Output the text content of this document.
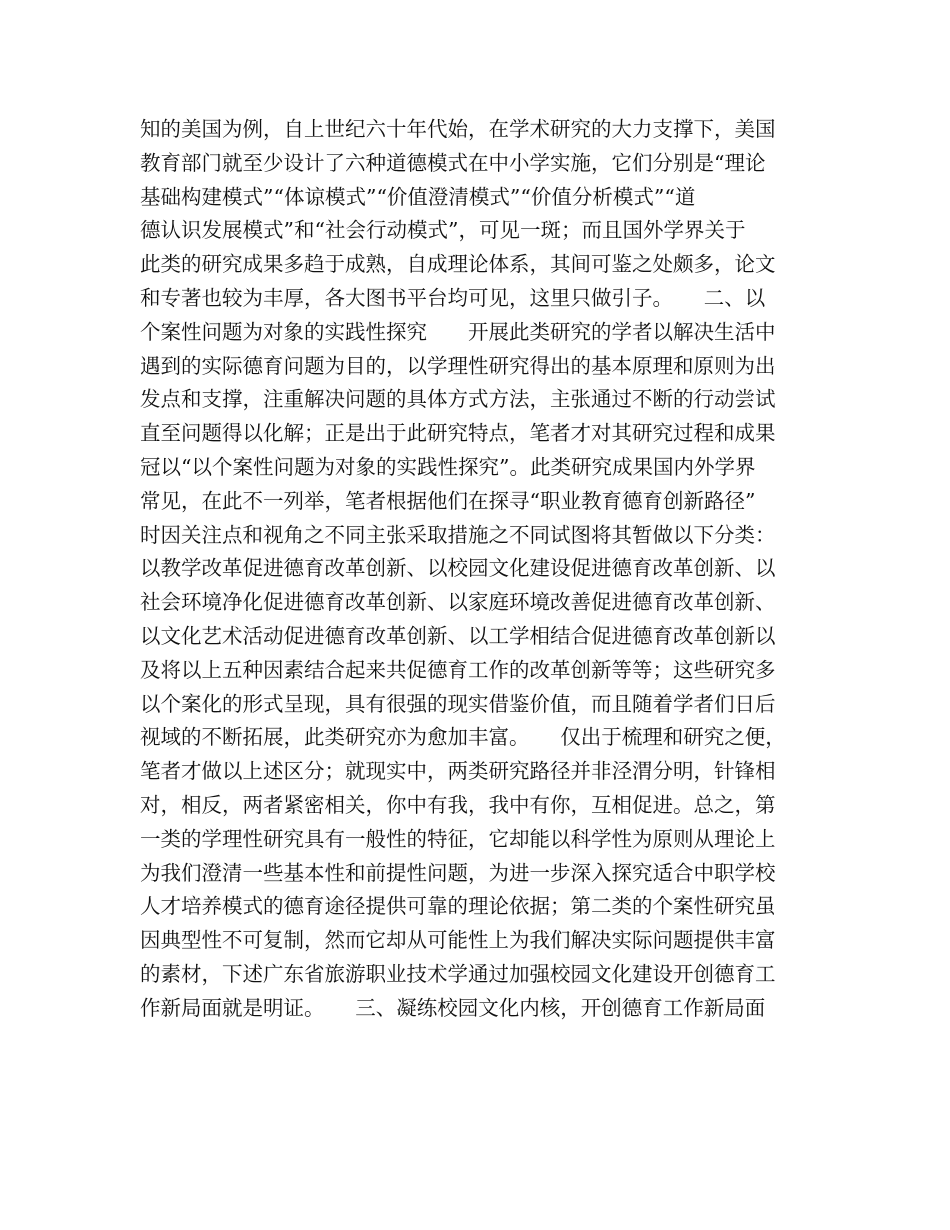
知的美国为例，自上世纪六十年代始，在学术研究的大力支撑下，美国
教育部门就至少设计了六种道德模式在中小学实施，它们分别是“理论
基础构建模式”“体谅模式”“价值澄清模式”“价值分析模式”“道
德认识发展模式”和“社会行动模式”，可见一斑；而且国外学界关于
此类的研究成果多趋于成熟，自成理论体系，其间可鉴之处颇多，论文
和专著也较为丰厚，各大图书平台均可见，这里只做引子。　　二、以
个案性问题为对象的实践性探究　　开展此类研究的学者以解决生活中
遇到的实际德育问题为目的，以学理性研究得出的基本原理和原则为出
发点和支撑，注重解决问题的具体方式方法，主张通过不断的行动尝试
直至问题得以化解；正是出于此研究特点，笔者才对其研究过程和成果
冠以“以个案性问题为对象的实践性探究”。此类研究成果国内外学界
常见，在此不一列举，笔者根据他们在探寻“职业教育德育创新路径”
时因关注点和视角之不同主张采取措施之不同试图将其暂做以下分类：
以教学改革促进德育改革创新、以校园文化建设促进德育改革创新、以
社会环境净化促进德育改革创新、以家庭环境改善促进德育改革创新、
以文化艺术活动促进德育改革创新、以工学相结合促进德育改革创新以
及将以上五种因素结合起来共促德育工作的改革创新等等；这些研究多
以个案化的形式呈现，具有很强的现实借鉴价值，而且随着学者们日后
视域的不断拓展，此类研究亦为愈加丰富。　　仅出于梳理和研究之便，
笔者才做以上述区分；就现实中，两类研究路径并非泾渭分明，针锋相
对，相反，两者紧密相关，你中有我，我中有你，互相促进。总之，第
一类的学理性研究具有一般性的特征，它却能以科学性为原则从理论上
为我们澄清一些基本性和前提性问题，为进一步深入探究适合中职学校
人才培养模式的德育途径提供可靠的理论依据；第二类的个案性研究虽
因典型性不可复制，然而它却从可能性上为我们解决实际问题提供丰富
的素材，下述广东省旅游职业技术学通过加强校园文化建设开创德育工
作新局面就是明证。　　三、凝练校园文化内核，开创德育工作新局面
